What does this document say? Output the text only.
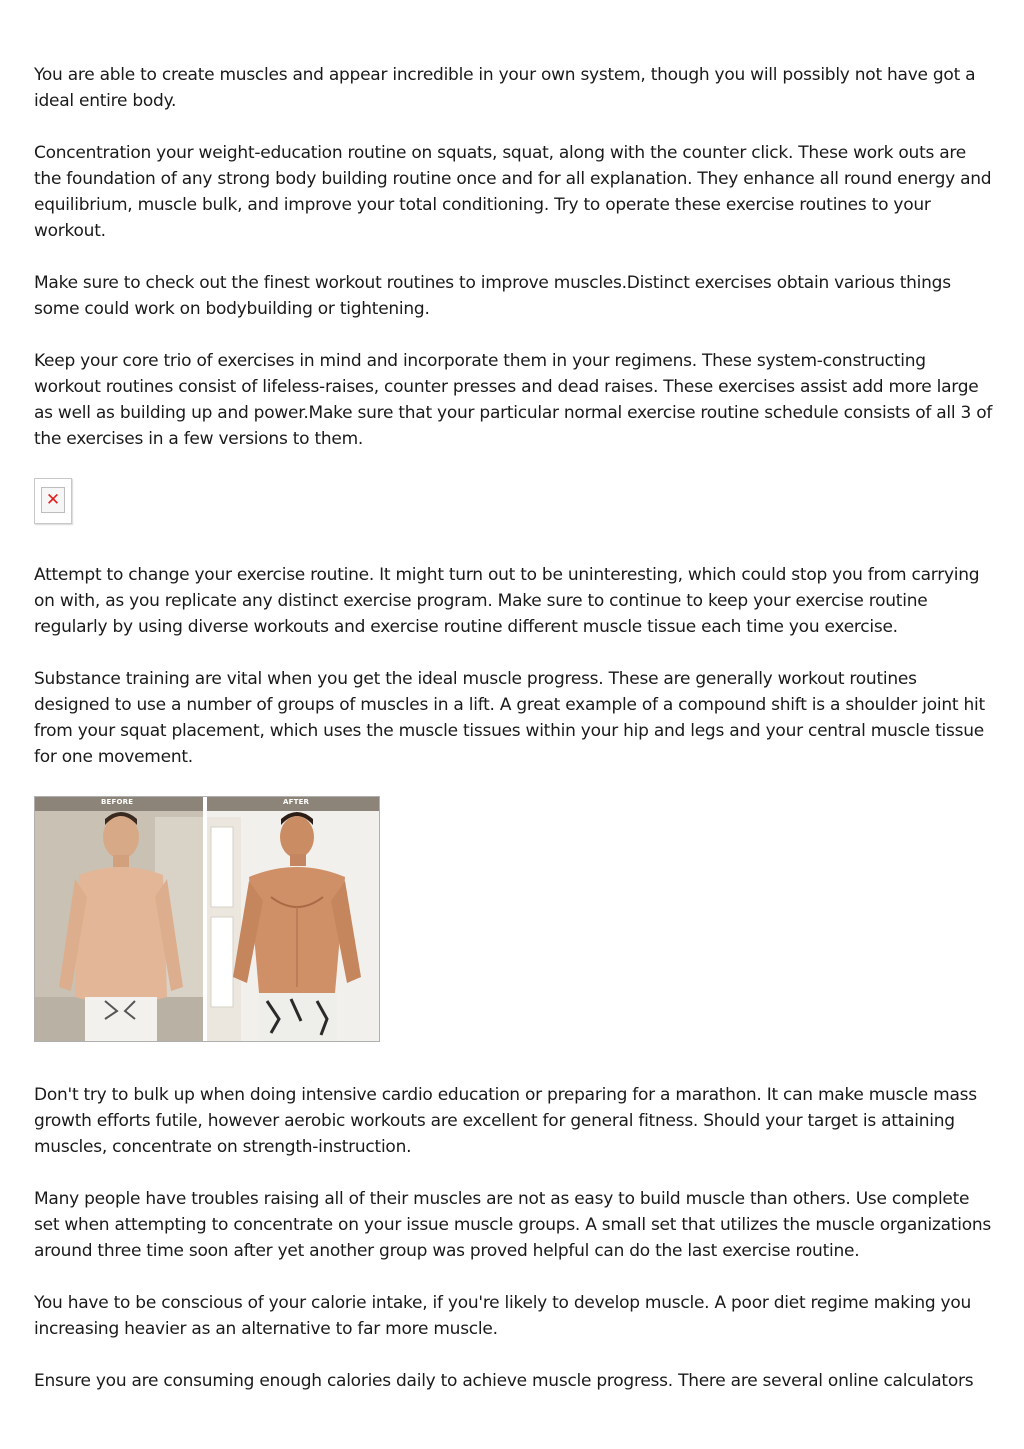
You are able to create muscles and appear incredible in your own system, though you will possibly not have got a ideal entire body.

Concentration your weight-education routine on squats, squat, along with the counter click. These work outs are the foundation of any strong body building routine once and for all explanation. They enhance all round energy and equilibrium, muscle bulk, and improve your total conditioning. Try to operate these exercise routines to your workout.

Make sure to check out the finest workout routines to improve muscles.Distinct exercises obtain various things some could work on bodybuilding or tightening.

Keep your core trio of exercises in mind and incorporate them in your regimens. These system-constructing workout routines consist of lifeless-raises, counter presses and dead raises. These exercises assist add more large as well as building up and power.Make sure that your particular normal exercise routine schedule consists of all 3 of the exercises in a few versions to them.

✕

Attempt to change your exercise routine. It might turn out to be uninteresting, which could stop you from carrying on with, as you replicate any distinct exercise program. Make sure to continue to keep your exercise routine regularly by using diverse workouts and exercise routine different muscle tissue each time you exercise.

Substance training are vital when you get the ideal muscle progress. These are generally workout routines designed to use a number of groups of muscles in a lift. A great example of a compound shift is a shoulder joint hit from your squat placement, which uses the muscle tissues within your hip and legs and your central muscle tissue for one movement.

BEFORE	AFTER

Don't try to bulk up when doing intensive cardio education or preparing for a marathon. It can make muscle mass growth efforts futile, however aerobic workouts are excellent for general fitness. Should your target is attaining muscles, concentrate on strength-instruction.

Many people have troubles raising all of their muscles are not as easy to build muscle than others. Use complete set when attempting to concentrate on your issue muscle groups. A small set that utilizes the muscle organizations around three time soon after yet another group was proved helpful can do the last exercise routine.

You have to be conscious of your calorie intake, if you're likely to develop muscle. A poor diet regime making you increasing heavier as an alternative to far more muscle.

Ensure you are consuming enough calories daily to achieve muscle progress. There are several online calculators
